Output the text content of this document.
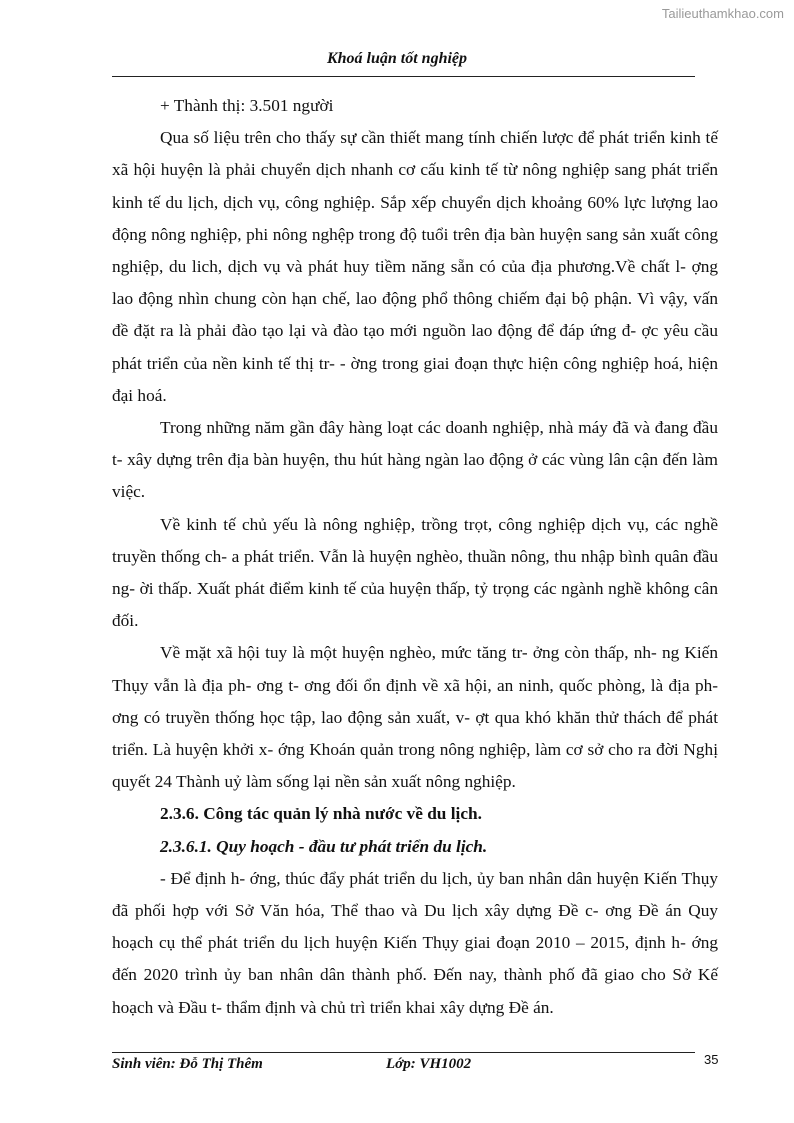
Tailieuthamkhao.com
Khoá luận tốt nghiệp

+ Thành thị: 3.501 người

Qua số liệu trên cho thấy sự cần thiết mang tính chiến lược để phát triển kinh tế xã hội huyện là phải chuyển dịch nhanh cơ cấu kinh tế từ nông nghiệp sang phát triển kinh tế du lịch, dịch vụ, công nghiệp. Sắp xếp chuyển dịch khoảng 60% lực lượng lao động nông nghiệp, phi nông nghệp trong độ tuổi trên địa bàn huyện sang sản xuất công nghiệp, du lich, dịch vụ và phát huy tiềm năng sẵn có của địa phương.Về chất l- ợng lao động nhìn chung còn hạn chế, lao động phổ thông chiếm đại bộ phận. Vì vậy, vấn đề đặt ra là phải đào tạo lại và đào tạo mới nguồn lao động để đáp ứng đ- ợc yêu cầu phát triển của nền kinh tế thị tr- - ờng trong giai đoạn thực hiện công nghiệp hoá, hiện đại hoá.

Trong những năm gần đây hàng loạt các doanh nghiệp, nhà máy đã và đang đầu t- xây dựng trên địa bàn huyện, thu hút hàng ngàn lao động ở các vùng lân cận đến làm việc.

Về kinh tế chủ yếu là nông nghiệp, trồng trọt, công nghiệp dịch vụ, các nghề truyền thống ch- a phát triển. Vẫn là huyện nghèo, thuần nông, thu nhập bình quân đầu ng- ời thấp. Xuất phát điểm kinh tế của huyện thấp, tỷ trọng các ngành nghề không cân đối.

Về mặt xã hội tuy là một huyện nghèo, mức tăng tr- ởng còn thấp, nh- ng Kiến Thụy vẫn là địa ph- ơng t- ơng đối ổn định về xã hội, an ninh, quốc phòng, là địa ph- ơng có truyền thống học tập, lao động sản xuất, v- ợt qua khó khăn thử thách để phát triển. Là huyện khởi x- ớng Khoán quản trong nông nghiệp, làm cơ sở cho ra đời Nghị quyết 24 Thành uỷ làm sống lại nền sản xuất nông nghiệp.

2.3.6. Công tác quản lý nhà nước về du lịch.

2.3.6.1. Quy hoạch - đầu tư phát triển du lịch.

- Để định h- ớng, thúc đẩy phát triển du lịch, ủy ban nhân dân huyện Kiến Thụy đã phối hợp với Sở Văn hóa, Thể thao và Du lịch xây dựng Đề c- ơng Đề án Quy hoạch cụ thể phát triển du lịch huyện Kiến Thụy giai đoạn 2010 – 2015, định h- ớng đến 2020 trình ủy ban nhân dân thành phố. Đến nay, thành phố đã giao cho Sở Kế hoạch và Đầu t- thẩm định và chủ trì triển khai xây dựng Đề án.

Sinh viên: Đỗ Thị Thêm	Lớp: VH1002	35
